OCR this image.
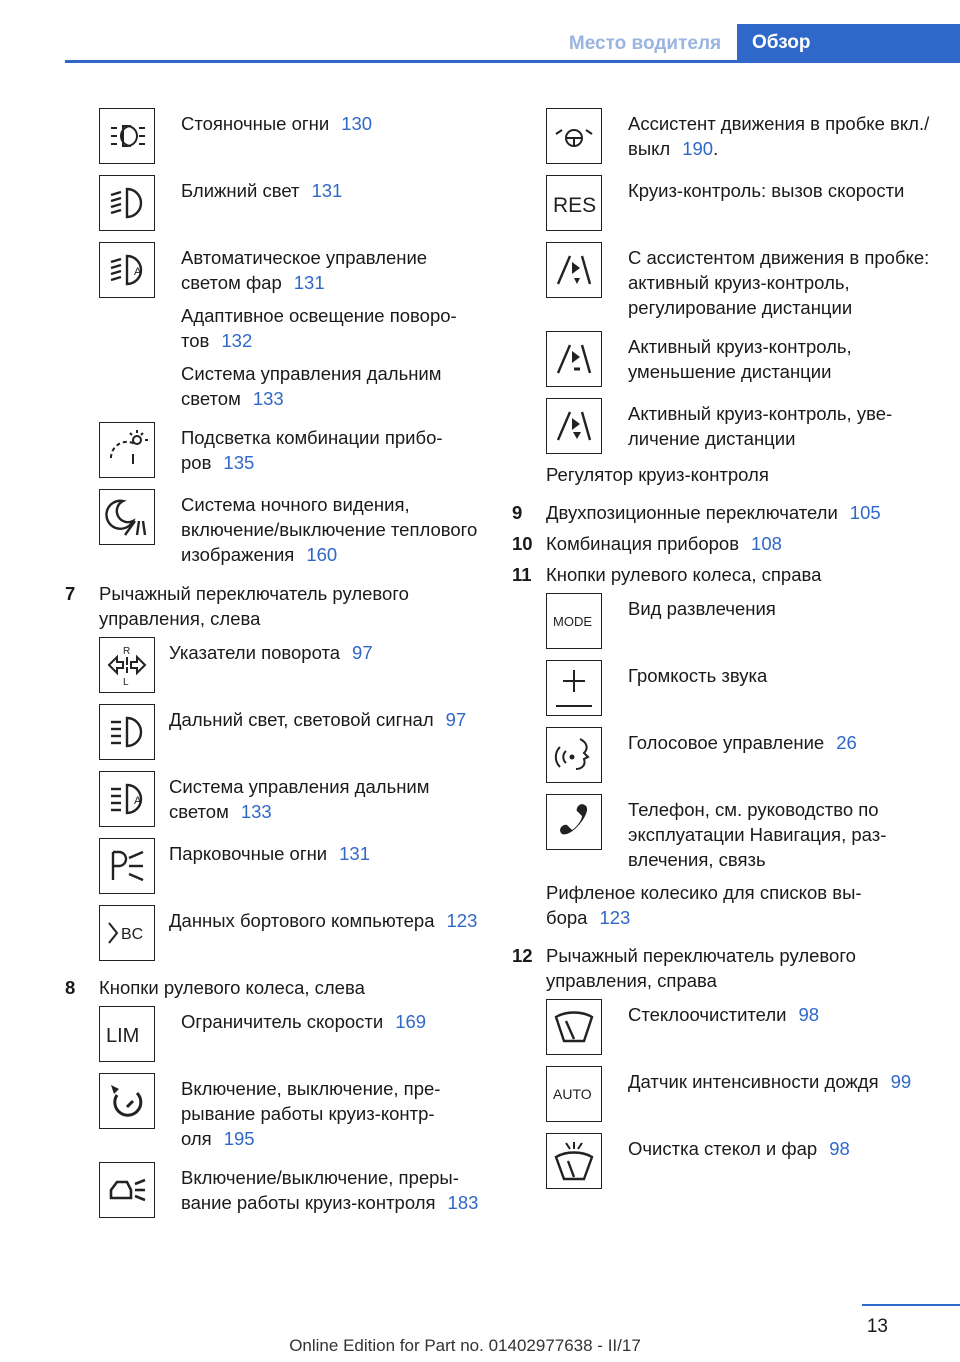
Место водителя	Обзор
Стояночные огни 130
Ближний свет 131
A
Автоматическое управление светом фар 131
Адаптивное освещение поворотов 132
Система управления дальним светом 133
Подсветка комбинации приборов 135
Система ночного видения, включение/выключение теплового изображения 160
7	Рычажный переключатель рулевого управления, слева
R
L
Указатели поворота 97
Дальний свет, световой сигнал 97
A
Система управления дальним светом 133
Парковочные огни 131
BC
Данных бортового компьютера 123
8	Кнопки рулевого колеса, слева
LIM
Ограничитель скорости 169
Включение, выключение, прерывание работы круиз-контроля 195
Включение/выключение, прерывание работы круиз-контроля 183
Ассистент движения в пробке вкл./выкл 190.
RES
Круиз-контроль: вызов скорости
С ассистентом движения в пробке: активный круиз-контроль, регулирование дистанции
Активный круиз-контроль, уменьшение дистанции
Активный круиз-контроль, увеличение дистанции
Регулятор круиз-контроля
9	Двухпозиционные переключатели 105
10 Комбинация приборов 108
11 Кнопки рулевого колеса, справа
MODE
Вид развлечения
Громкость звука
Голосовое управление 26
Телефон, см. руководство по эксплуатации Навигация, развлечения, связь
Рифленое колесико для списков выбора 123
12 Рычажный переключатель рулевого управления, справа
Стеклоочистители 98
AUTO
Датчик интенсивности дождя 99
Очистка стекол и фар 98
13
Online Edition for Part no. 01402977638 - II/17
